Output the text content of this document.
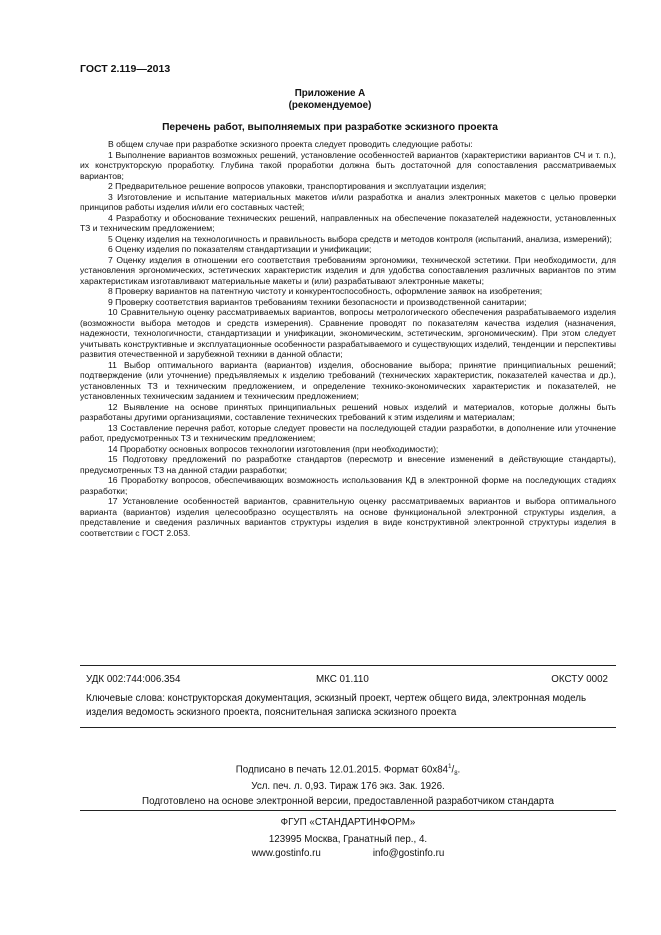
ГОСТ 2.119—2013
Приложение А
(рекомендуемое)
Перечень работ, выполняемых при разработке эскизного проекта

В общем случае при разработке эскизного проекта следует проводить следующие работы:

1 Выполнение вариантов возможных решений, установление особенностей вариантов (характеристики вариантов СЧ и т. п.), их конструкторскую проработку. Глубина такой проработки должна быть достаточной для сопоставления рассматриваемых вариантов;

2 Предварительное решение вопросов упаковки, транспортирования и эксплуатации изделия;

3 Изготовление и испытание материальных макетов и/или разработка и анализ электронных макетов с целью проверки принципов работы изделия и/или его составных частей;

4 Разработку и обоснование технических решений, направленных на обеспечение показателей надежности, установленных ТЗ и техническим предложением;

5 Оценку изделия на технологичность и правильность выбора средств и методов контроля (испытаний, анализа, измерений);

6 Оценку изделия по показателям стандартизации и унификации;

7 Оценку изделия в отношении его соответствия требованиям эргономики, технической эстетики. При необходимости, для установления эргономических, эстетических характеристик изделия и для удобства сопоставления различных вариантов по этим характеристикам изготавливают материальные макеты и (или) разрабатывают электронные макеты;

8 Проверку вариантов на патентную чистоту и конкурентоспособность, оформление заявок на изобретения;

9 Проверку соответствия вариантов требованиям техники безопасности и производственной санитарии;

10 Сравнительную оценку рассматриваемых вариантов, вопросы метрологического обеспечения разрабатываемого изделия (возможности выбора методов и средств измерения). Сравнение проводят по показателям качества изделия (назначения, надежности, технологичности, стандартизации и унификации, экономическим, эстетическим, эргономическим). При этом следует учитывать конструктивные и эксплуатационные особенности разрабатываемого и существующих изделий, тенденции и перспективы развития отечественной и зарубежной техники в данной области;

11 Выбор оптимального варианта (вариантов) изделия, обоснование выбора; принятие принципиальных решений; подтверждение (или уточнение) предъявляемых к изделию требований (технических характеристик, показателей качества и др.), установленных ТЗ и техническим предложением, и определение технико-экономических характеристик и показателей, не установленных техническим заданием и техническим предложением;

12 Выявление на основе принятых принципиальных решений новых изделий и материалов, которые должны быть разработаны другими организациями, составление технических требований к этим изделиям и материалам;

13 Составление перечня работ, которые следует провести на последующей стадии разработки, в дополнение или уточнение работ, предусмотренных ТЗ и техническим предложением;

14 Проработку основных вопросов технологии изготовления (при необходимости);

15 Подготовку предложений по разработке стандартов (пересмотр и внесение изменений в действующие стандарты), предусмотренных ТЗ на данной стадии разработки;

16 Проработку вопросов, обеспечивающих возможность использования КД в электронной форме на последующих стадиях разработки;

17 Установление особенностей вариантов, сравнительную оценку рассматриваемых вариантов и выбора оптимального варианта (вариантов) изделия целесообразно осуществлять на основе функциональной электронной структуры изделия, а представление и сведения различных вариантов структуры изделия в виде конструктивной электронной структуры изделия в соответствии с ГОСТ 2.053.

УДК 002:744:006.354	МКС 01.110	ОКСТУ 0002
Ключевые слова: конструкторская документация, эскизный проект, чертеж общего вида, электронная модель изделия ведомость эскизного проекта, пояснительная записка эскизного проекта
Подписано в печать 12.01.2015. Формат $60x84^1/_8$.
Усл. печ. л. 0,93. Тираж 176 экз. Зак. 1926.
Подготовлено на основе электронной версии, предоставленной разработчиком стандарта
ФГУП «СТАНДАРТИНФОРМ»
123995 Москва, Гранатный пер., 4.
www.gostinfo.ru	info@gostinfo.ru
